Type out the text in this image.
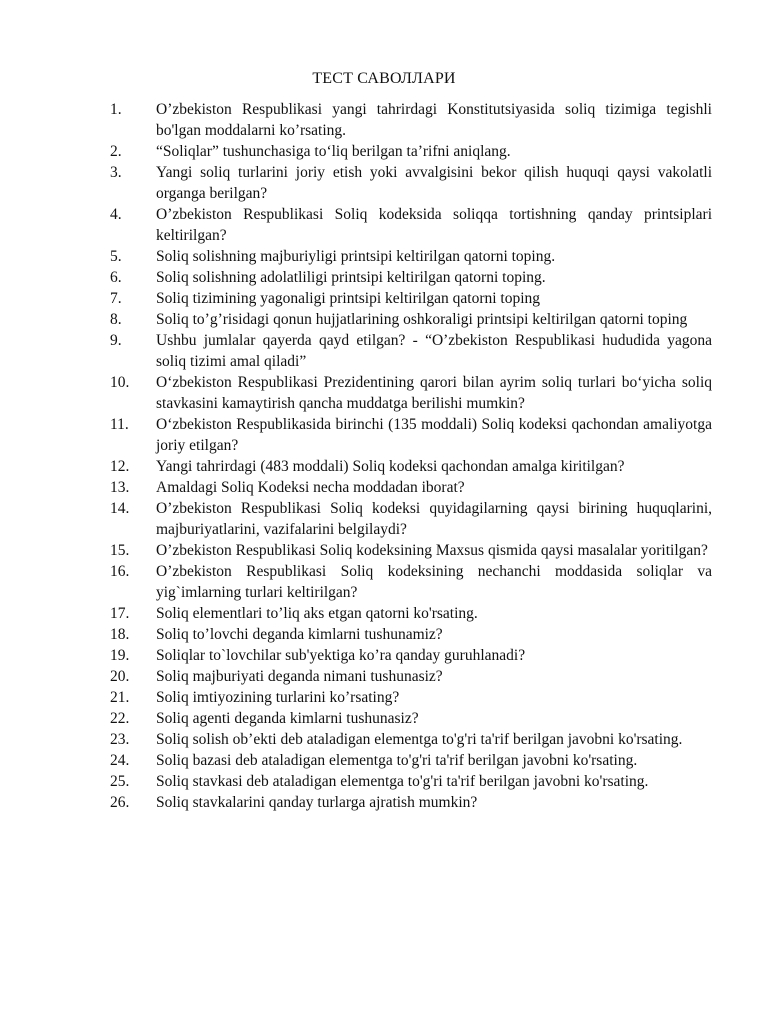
ТЕСТ САВОЛЛАРИ
1.	O’zbekiston Respublikasi yangi tahrirdagi Konstitutsiyasida soliq tizimiga tegishli bo'lgan moddalarni ko’rsating.
2.	“Soliqlar” tushunchasiga to‘liq berilgan ta’rifni aniqlang.
3.	Yangi soliq turlarini joriy etish yoki avvalgisini bekor qilish huquqi qaysi vakolatli organga berilgan?
4.	O’zbekiston Respublikasi Soliq kodeksida soliqqa tortishning qanday printsiplari keltirilgan?
5.	Soliq solishning majburiyligi printsipi keltirilgan qatorni toping.
6.	Soliq solishning adolatliligi printsipi keltirilgan qatorni toping.
7.	Soliq tizimining yagonaligi printsipi keltirilgan qatorni toping
8.	Soliq to’g’risidagi qonun hujjatlarining oshkoraligi printsipi keltirilgan qatorni toping
9.	Ushbu jumlalar qayerda qayd etilgan? - “O’zbekiston Respublikasi hududida yagona soliq tizimi amal qiladi”
10.	O‘zbekiston Respublikasi Prezidentining qarori bilan ayrim soliq turlari bo‘yicha soliq stavkasini kamaytirish qancha muddatga berilishi mumkin?
11.	O‘zbekiston Respublikasida birinchi (135 moddali) Soliq kodeksi qachondan amaliyotga joriy etilgan?
12.	Yangi tahrirdagi (483 moddali) Soliq kodeksi qachondan amalga kiritilgan?
13.	Amaldagi Soliq Kodeksi necha moddadan iborat?
14.	O’zbekiston Respublikasi Soliq kodeksi quyidagilarning qaysi birining huquqlarini, majburiyatlarini, vazifalarini belgilaydi?
15.	O’zbekiston Respublikasi Soliq kodeksining Maxsus qismida qaysi masalalar yoritilgan?
16.	O’zbekiston Respublikasi Soliq kodeksining nechanchi moddasida soliqlar va yig`imlarning turlari keltirilgan?
17.	Soliq elementlari to’liq aks etgan qatorni ko'rsating.
18.	Soliq to’lovchi deganda kimlarni tushunamiz?
19.	Soliqlar to`lovchilar sub'yektiga ko’ra qanday guruhlanadi?
20.	Soliq majburiyati deganda nimani tushunasiz?
21.	Soliq imtiyozining turlarini ko’rsating?
22.	Soliq agenti deganda kimlarni tushunasiz?
23.	Soliq solish ob’ekti deb ataladigan elementga to'g'ri ta'rif berilgan javobni ko'rsating.
24.	Soliq bazasi deb ataladigan elementga to'g'ri ta'rif berilgan javobni ko'rsating.
25.	Soliq stavkasi deb ataladigan elementga to'g'ri ta'rif berilgan javobni ko'rsating.
26.	Soliq stavkalarini qanday turlarga ajratish mumkin?
